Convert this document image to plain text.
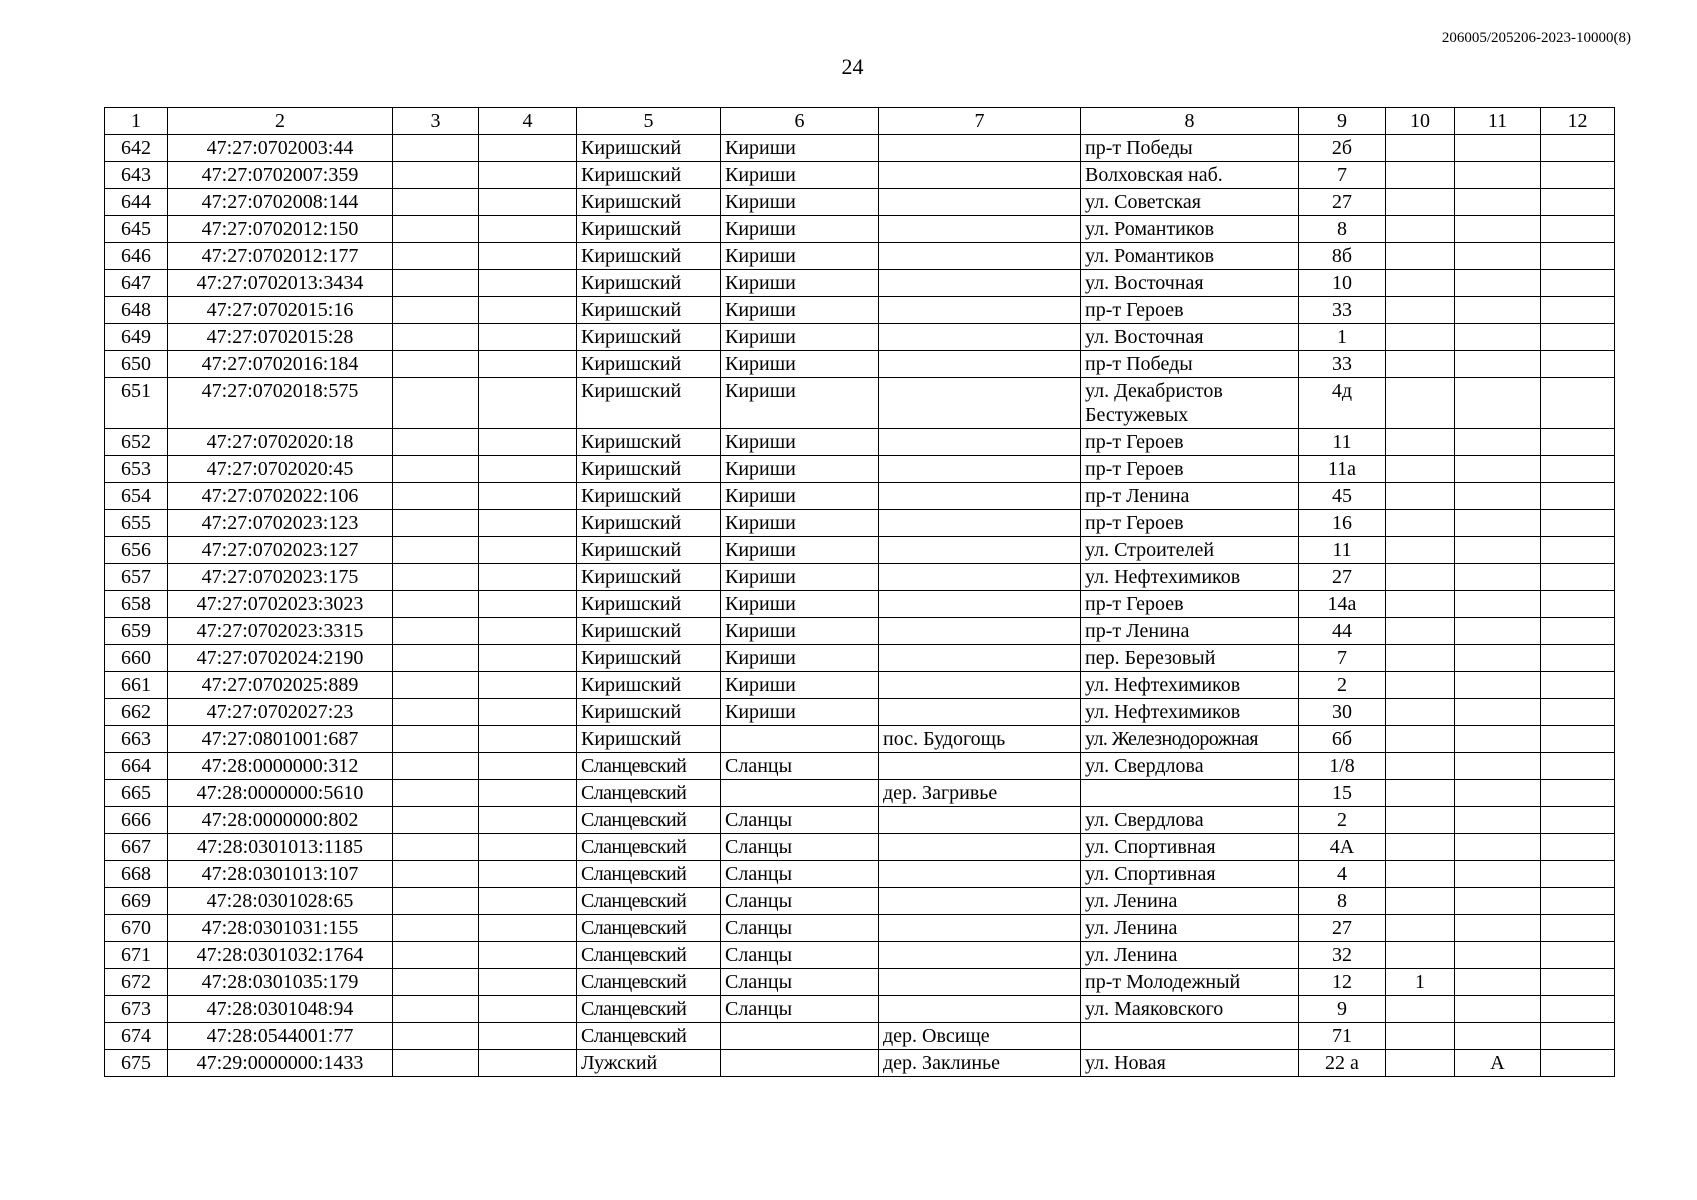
206005/205206-2023-10000(8)
24
1	2	3	4	5	6	7	8	9	10	11	12
642	47:27:0702003:44			Киришский	Кириши		пр-т Победы	2б			
643	47:27:0702007:359			Киришский	Кириши		Волховская наб.	7			
644	47:27:0702008:144			Киришский	Кириши		ул. Советская	27			
645	47:27:0702012:150			Киришский	Кириши		ул. Романтиков	8			
646	47:27:0702012:177			Киришский	Кириши		ул. Романтиков	8б			
647	47:27:0702013:3434			Киришский	Кириши		ул. Восточная	10			
648	47:27:0702015:16			Киришский	Кириши		пр-т Героев	33			
649	47:27:0702015:28			Киришский	Кириши		ул. Восточная	1			
650	47:27:0702016:184			Киришский	Кириши		пр-т Победы	33			
651	47:27:0702018:575			Киришский	Кириши		ул. Декабристов Бестужевых	4д			
652	47:27:0702020:18			Киришский	Кириши		пр-т Героев	11			
653	47:27:0702020:45			Киришский	Кириши		пр-т Героев	11а			
654	47:27:0702022:106			Киришский	Кириши		пр-т Ленина	45			
655	47:27:0702023:123			Киришский	Кириши		пр-т Героев	16			
656	47:27:0702023:127			Киришский	Кириши		ул. Строителей	11			
657	47:27:0702023:175			Киришский	Кириши		ул. Нефтехимиков	27			
658	47:27:0702023:3023			Киришский	Кириши		пр-т Героев	14а			
659	47:27:0702023:3315			Киришский	Кириши		пр-т Ленина	44			
660	47:27:0702024:2190			Киришский	Кириши		пер. Березовый	7			
661	47:27:0702025:889			Киришский	Кириши		ул. Нефтехимиков	2			
662	47:27:0702027:23			Киришский	Кириши		ул. Нефтехимиков	30			
663	47:27:0801001:687			Киришский		пос. Будогощь	ул. Железнодорожная	6б			
664	47:28:0000000:312			Сланцевский	Сланцы		ул. Свердлова	1/8			
665	47:28:0000000:5610			Сланцевский		дер. Загривье		15			
666	47:28:0000000:802			Сланцевский	Сланцы		ул. Свердлова	2			
667	47:28:0301013:1185			Сланцевский	Сланцы		ул. Спортивная	4А			
668	47:28:0301013:107			Сланцевский	Сланцы		ул. Спортивная	4			
669	47:28:0301028:65			Сланцевский	Сланцы		ул. Ленина	8			
670	47:28:0301031:155			Сланцевский	Сланцы		ул. Ленина	27			
671	47:28:0301032:1764			Сланцевский	Сланцы		ул. Ленина	32			
672	47:28:0301035:179			Сланцевский	Сланцы		пр-т Молодежный	12	1		
673	47:28:0301048:94			Сланцевский	Сланцы		ул. Маяковского	9			
674	47:28:0544001:77			Сланцевский		дер. Овсище		71			
675	47:29:0000000:1433			Лужский		дер. Заклинье	ул. Новая	22 а		А	
